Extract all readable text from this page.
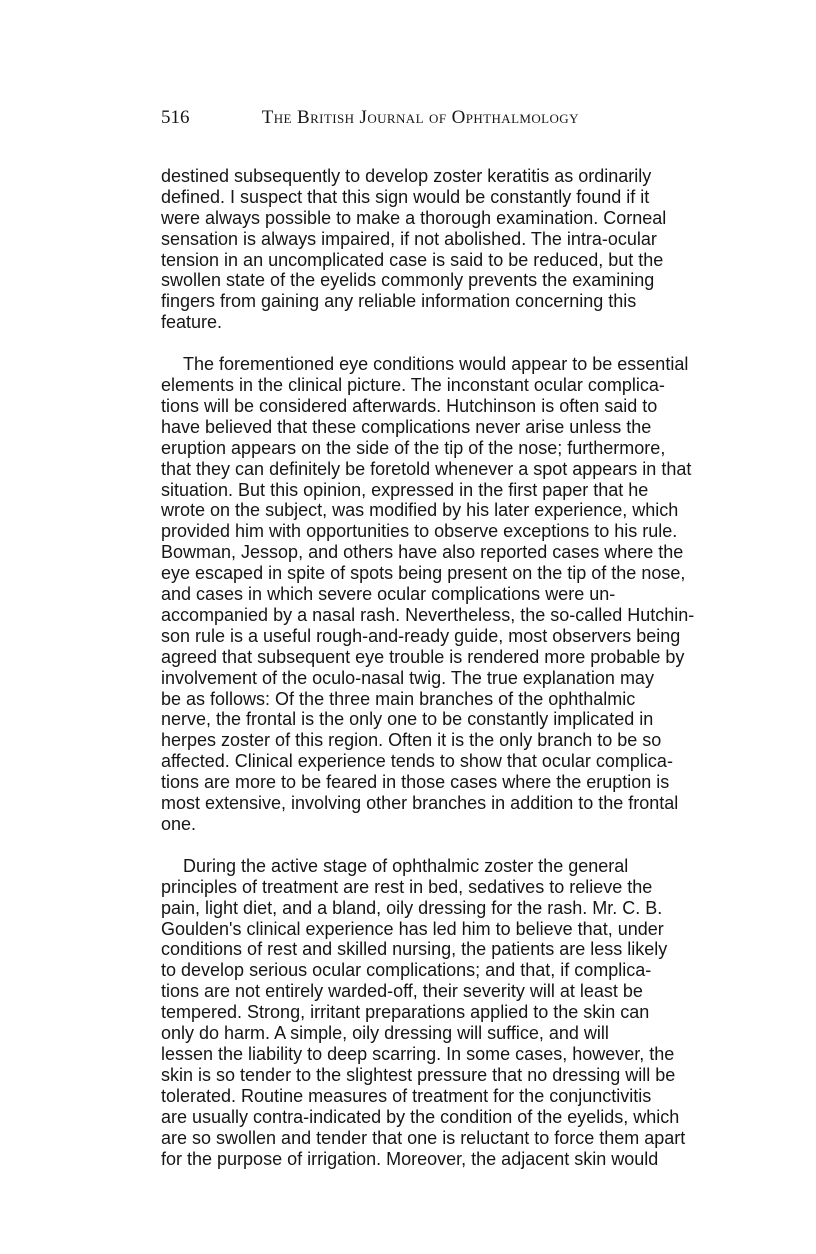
516	The British Journal of Ophthalmology

destined subsequently to develop zoster keratitis as ordinarily
defined. I suspect that this sign would be constantly found if it
were always possible to make a thorough examination. Corneal
sensation is always impaired, if not abolished. The intra-ocular
tension in an uncomplicated case is said to be reduced, but the
swollen state of the eyelids commonly prevents the examining
fingers from gaining any reliable information concerning this
feature.

The forementioned eye conditions would appear to be essential
elements in the clinical picture. The inconstant ocular complica-
tions will be considered afterwards. Hutchinson is often said to
have believed that these complications never arise unless the
eruption appears on the side of the tip of the nose; furthermore,
that they can definitely be foretold whenever a spot appears in that
situation. But this opinion, expressed in the first paper that he
wrote on the subject, was modified by his later experience, which
provided him with opportunities to observe exceptions to his rule.
Bowman, Jessop, and others have also reported cases where the
eye escaped in spite of spots being present on the tip of the nose,
and cases in which severe ocular complications were un-
accompanied by a nasal rash. Nevertheless, the so-called Hutchin-
son rule is a useful rough-and-ready guide, most observers being
agreed that subsequent eye trouble is rendered more probable by
involvement of the oculo-nasal twig. The true explanation may
be as follows: Of the three main branches of the ophthalmic
nerve, the frontal is the only one to be constantly implicated in
herpes zoster of this region. Often it is the only branch to be so
affected. Clinical experience tends to show that ocular complica-
tions are more to be feared in those cases where the eruption is
most extensive, involving other branches in addition to the frontal
one.

During the active stage of ophthalmic zoster the general
principles of treatment are rest in bed, sedatives to relieve the
pain, light diet, and a bland, oily dressing for the rash. Mr. C. B.
Goulden's clinical experience has led him to believe that, under
conditions of rest and skilled nursing, the patients are less likely
to develop serious ocular complications; and that, if complica-
tions are not entirely warded-off, their severity will at least be
tempered. Strong, irritant preparations applied to the skin can
only do harm. A simple, oily dressing will suffice, and will
lessen the liability to deep scarring. In some cases, however, the
skin is so tender to the slightest pressure that no dressing will be
tolerated. Routine measures of treatment for the conjunctivitis
are usually contra-indicated by the condition of the eyelids, which
are so swollen and tender that one is reluctant to force them apart
for the purpose of irrigation. Moreover, the adjacent skin would
